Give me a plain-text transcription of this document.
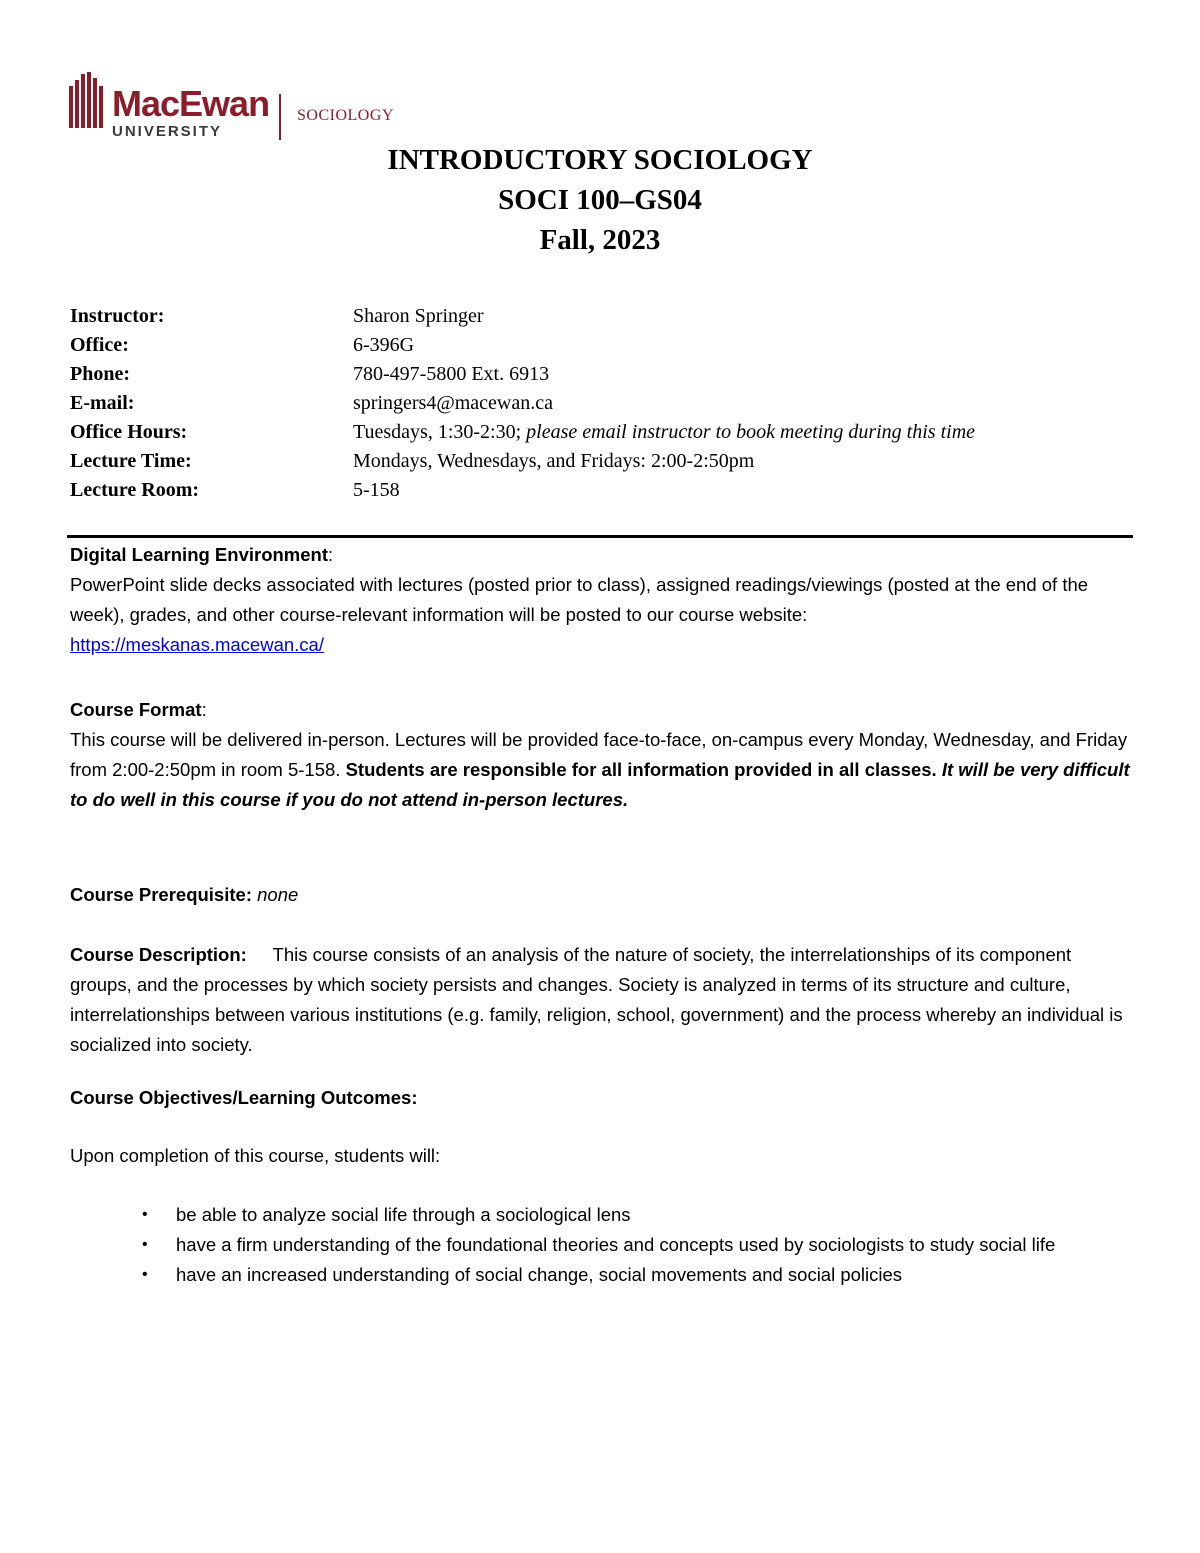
MacEwan
UNIVERSITY
SOCIOLOGY
INTRODUCTORY SOCIOLOGY
SOCI 100–GS04
Fall, 2023
Instructor:	Sharon Springer
Office:	6-396G
Phone:	780-497-5800 Ext. 6913
E-mail:	springers4@macewan.ca
Office Hours:	Tuesdays, 1:30-2:30; please email instructor to book meeting during this time
Lecture Time:	Mondays, Wednesdays, and Fridays: 2:00-2:50pm
Lecture Room:	5-158
Digital Learning Environment:
PowerPoint slide decks associated with lectures (posted prior to class), assigned readings/viewings (posted at the end of the week), grades, and other course-relevant information will be posted to our course website:
https://meskanas.macewan.ca/
Course Format:
This course will be delivered in-person. Lectures will be provided face-to-face, on-campus every Monday, Wednesday, and Friday from 2:00-2:50pm in room 5-158. Students are responsible for all information provided in all classes. It will be very difficult to do well in this course if you do not attend in-person lectures.
Course Prerequisite: none
Course Description: This course consists of an analysis of the nature of society, the interrelationships of its component groups, and the processes by which society persists and changes. Society is analyzed in terms of its structure and culture, interrelationships between various institutions (e.g. family, religion, school, government) and the process whereby an individual is socialized into society.
Course Objectives/Learning Outcomes:
Upon completion of this course, students will:
• be able to analyze social life through a sociological lens
• have a firm understanding of the foundational theories and concepts used by sociologists to study social life
• have an increased understanding of social change, social movements and social policies
